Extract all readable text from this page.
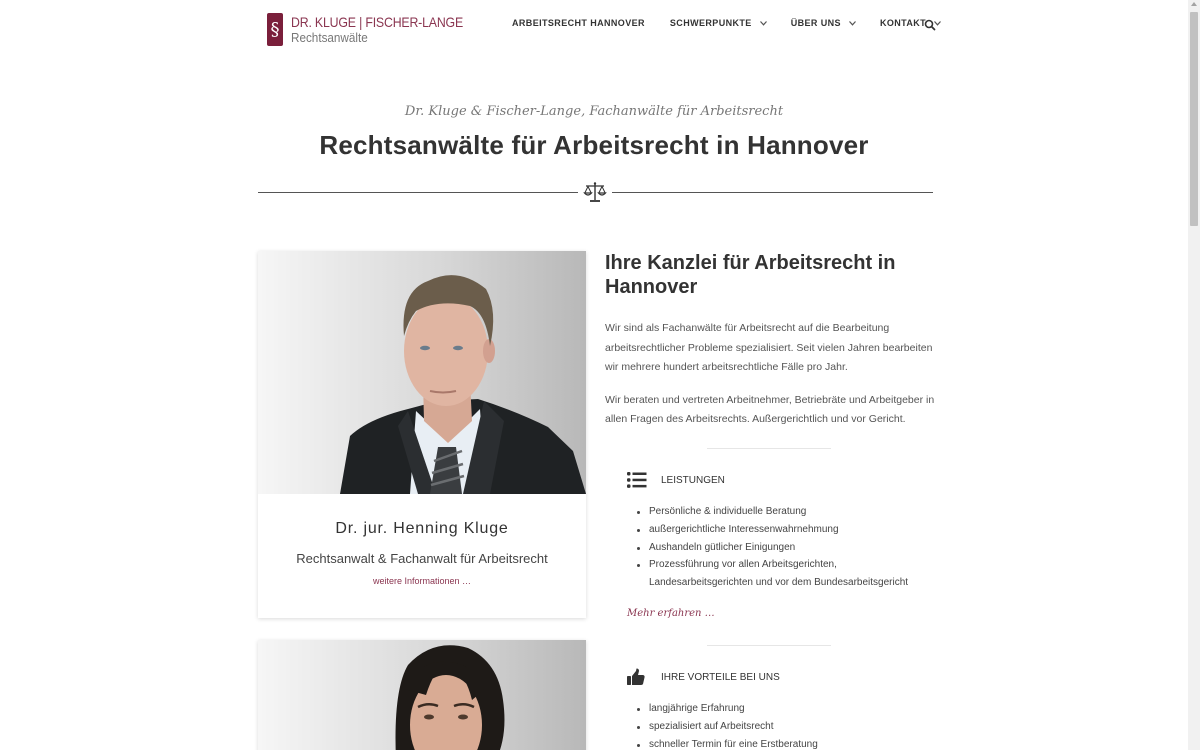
§ DR. KLUGE | FISCHER-LANGE
Rechtsanwälte
ARBEITSRECHT HANNOVER	SCHWERPUNKTE	ÜBER UNS	KONTAKT
Dr. Kluge & Fischer-Lange, Fachanwälte für Arbeitsrecht
Rechtsanwälte für Arbeitsrecht in Hannover
Dr. jur. Henning Kluge
Rechtsanwalt & Fachanwalt für Arbeitsrecht
weitere Informationen …
Ihre Kanzlei für Arbeitsrecht in Hannover

Wir sind als Fachanwälte für Arbeitsrecht auf die Bearbeitung arbeitsrechtlicher Probleme spezialisiert. Seit vielen Jahren bearbeiten wir mehrere hundert arbeitsrechtliche Fälle pro Jahr.

Wir beraten und vertreten Arbeitnehmer, Betriebräte und Arbeitgeber in allen Fragen des Arbeitsrechts. Außergerichtlich und vor Gericht.

LEISTUNGEN
Persönliche & individuelle Beratung
außergerichtliche Interessenwahrnehmung
Aushandeln gütlicher Einigungen
Prozessführung vor allen Arbeitsgerichten, Landesarbeitsgerichten und vor dem Bundesarbeitsgericht
Mehr erfahren …
IHRE VORTEILE BEI UNS
langjährige Erfahrung
spezialisiert auf Arbeitsrecht
schneller Termin für eine Erstberatung
